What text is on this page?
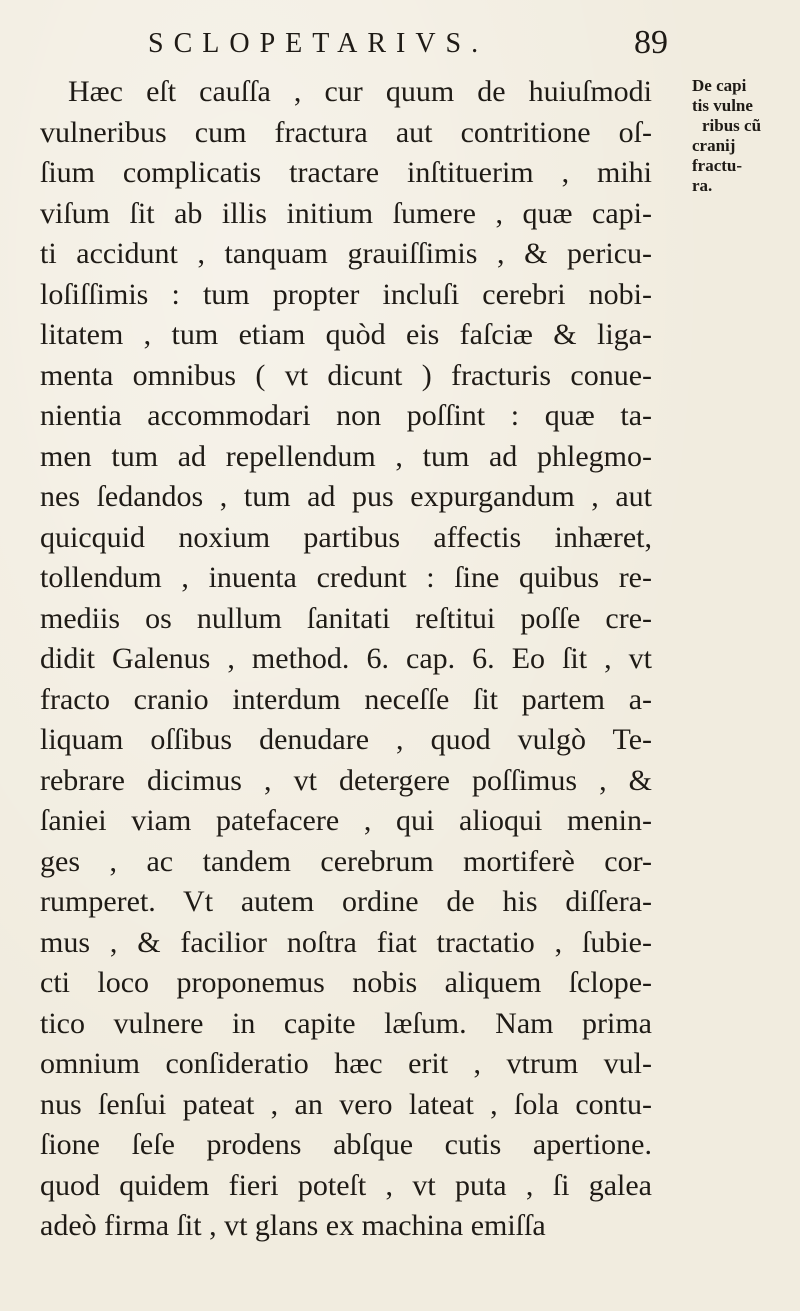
SCLOPETARIVS.	89
Hæc eſt cauſſa , cur quum de huiuſmodi
vulneribus cum fractura aut contritione oſ-
ſium complicatis tractare inſtituerim , mihi
viſum ſit ab illis initium ſumere , quæ capi-
ti accidunt , tanquam grauiſſimis , & pericu-
loſiſſimis : tum propter incluſi cerebri nobi-
litatem , tum etiam quòd eis faſciæ & liga-
menta omnibus ( vt dicunt ) fracturis conue-
nientia accommodari non poſſint : quæ ta-
men tum ad repellendum , tum ad phlegmo-
nes ſedandos , tum ad pus expurgandum , aut
quicquid noxium partibus affectis inhæret,
tollendum , inuenta credunt : ſine quibus re-
mediis os nullum ſanitati reſtitui poſſe cre-
didit Galenus , method. 6. cap. 6. Eo ſit , vt
fracto cranio interdum neceſſe ſit partem a-
liquam oſſibus denudare , quod vulgò Te-
rebrare dicimus , vt detergere poſſimus , &
ſaniei viam patefacere , qui alioqui menin-
ges , ac tandem cerebrum mortiferè cor-
rumperet. Vt autem ordine de his diſſera-
mus , & facilior noſtra fiat tractatio , ſubie-
cti loco proponemus nobis aliquem ſclope-
tico vulnere in capite læſum. Nam prima
omnium conſideratio hæc erit , vtrum vul-
nus ſenſui pateat , an vero lateat , ſola contu-
ſione ſeſe prodens abſque cutis apertione.
quod quidem fieri poteſt , vt puta , ſi galea
adeò firma ſit , vt glans ex machina emiſſa
De capi
tis vulne
ribus cũ
cranij
fractu-
ra.
